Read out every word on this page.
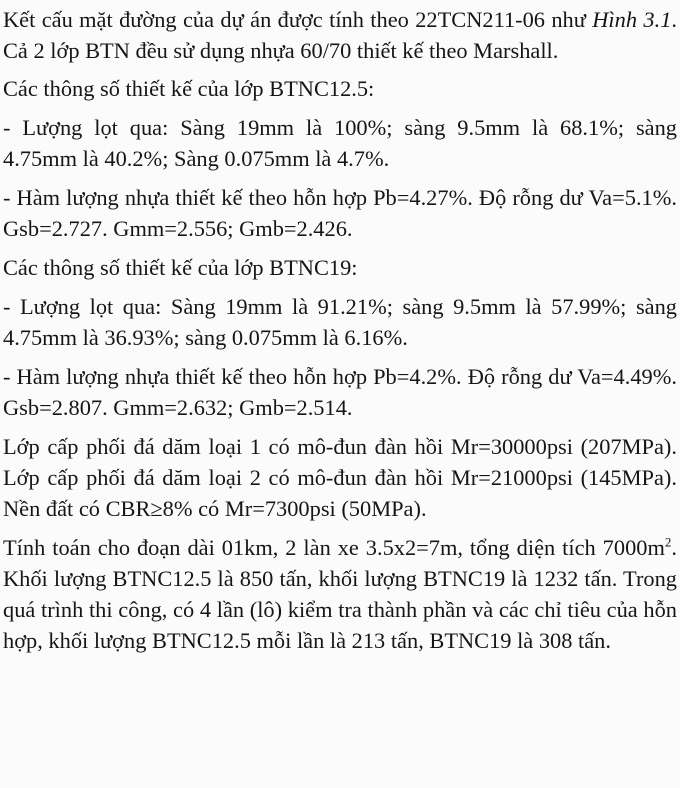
Kết cấu mặt đường của dự án được tính theo 22TCN211-06 như Hình 3.1. Cả 2 lớp BTN đều sử dụng nhựa 60/70 thiết kế theo Marshall.

Các thông số thiết kế của lớp BTNC12.5:

- Lượng lọt qua: Sàng 19mm là 100%; sàng 9.5mm là 68.1%; sàng 4.75mm là 40.2%; Sàng 0.075mm là 4.7%.

- Hàm lượng nhựa thiết kế theo hỗn hợp Pb=4.27%. Độ rỗng dư Va=5.1%. Gsb=2.727. Gmm=2.556; Gmb=2.426.

Các thông số thiết kế của lớp BTNC19:

- Lượng lọt qua: Sàng 19mm là 91.21%; sàng 9.5mm là 57.99%; sàng 4.75mm là 36.93%; sàng 0.075mm là 6.16%.

- Hàm lượng nhựa thiết kế theo hỗn hợp Pb=4.2%. Độ rỗng dư Va=4.49%. Gsb=2.807. Gmm=2.632; Gmb=2.514.

Lớp cấp phối đá dăm loại 1 có mô-đun đàn hồi Mr=30000psi (207MPa). Lớp cấp phối đá dăm loại 2 có mô-đun đàn hồi Mr=21000psi (145MPa). Nền đất có CBR≥8% có Mr=7300psi (50MPa).

Tính toán cho đoạn dài 01km, 2 làn xe 3.5x2=7m, tổng diện tích $7000m^2$. Khối lượng BTNC12.5 là 850 tấn, khối lượng BTNC19 là 1232 tấn. Trong quá trình thi công, có 4 lần (lô) kiểm tra thành phần và các chỉ tiêu của hỗn hợp, khối lượng BTNC12.5 mỗi lần là 213 tấn, BTNC19 là 308 tấn.
